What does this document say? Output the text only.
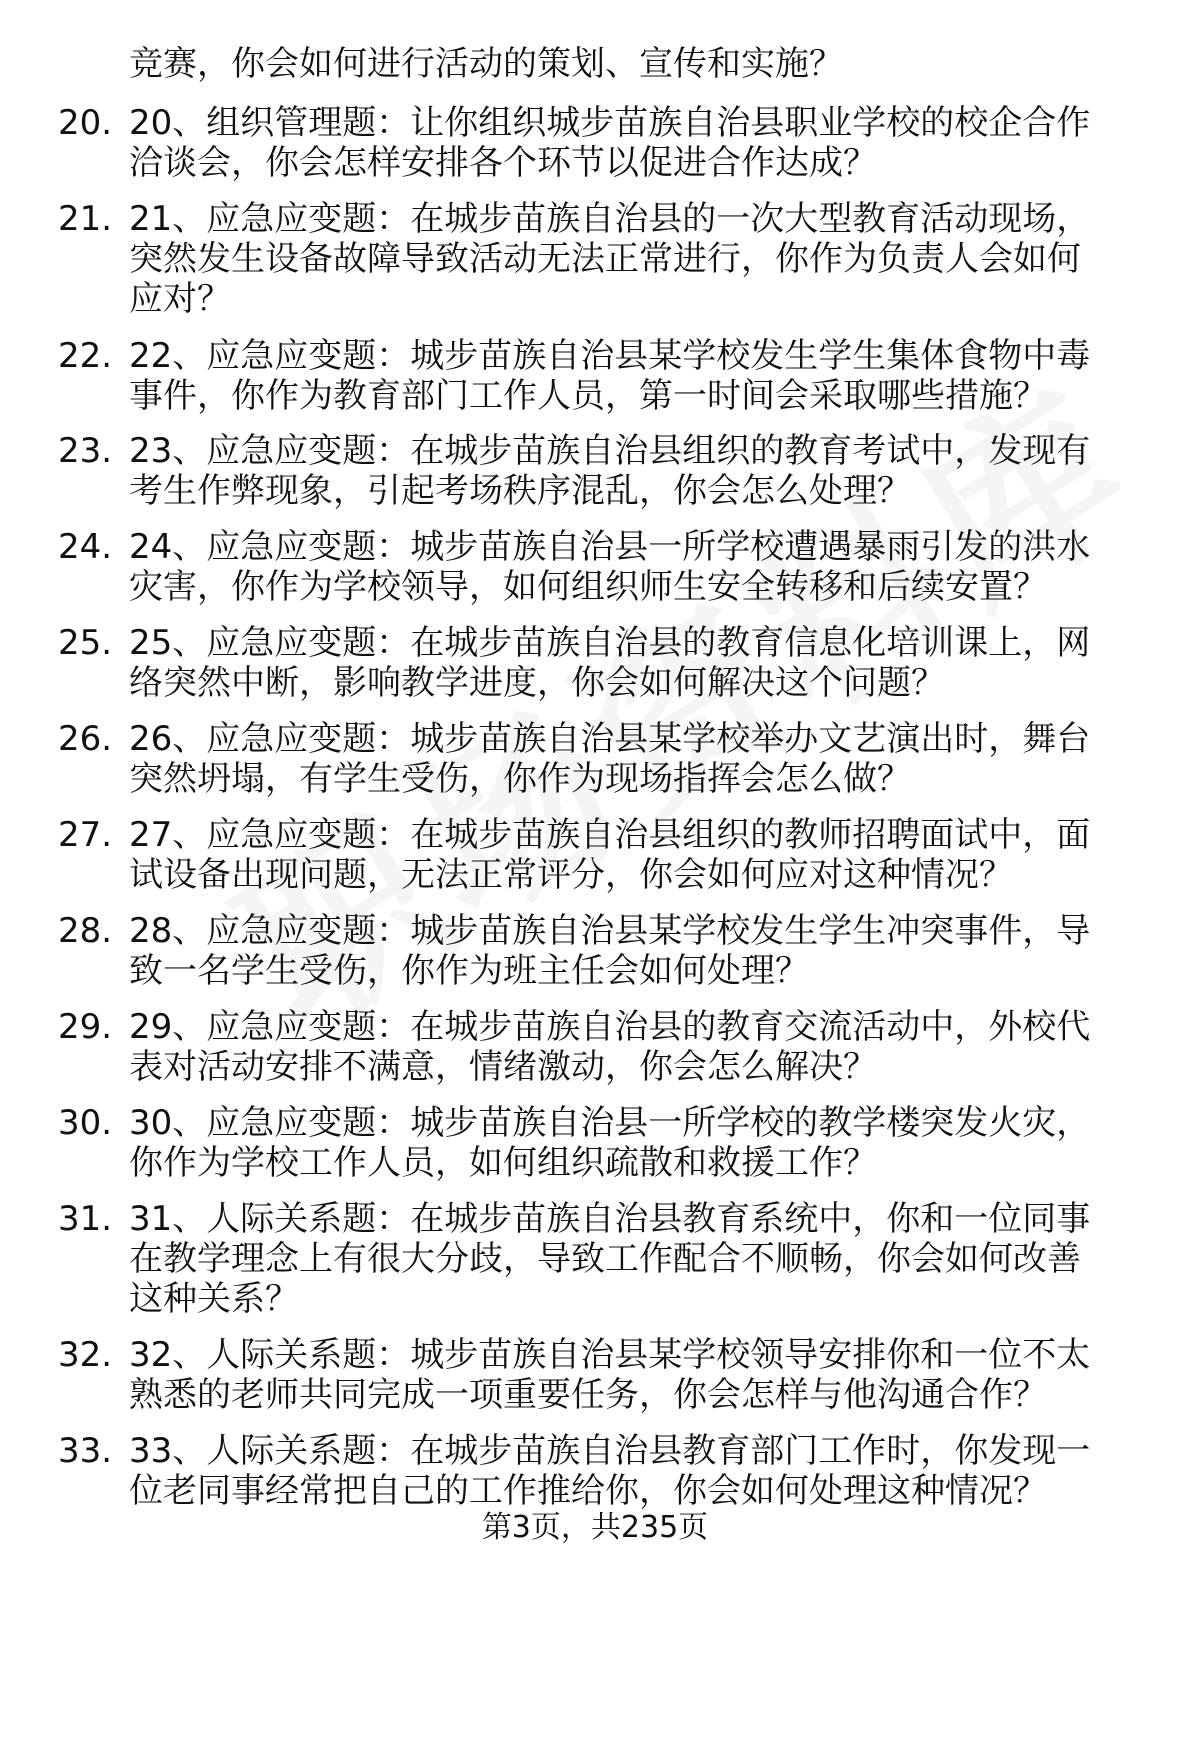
竞赛，你会如何进行活动的策划、宣传和实施？
20. 20、组织管理题：让你组织城步苗族自治县职业学校的校企合作
洽谈会，你会怎样安排各个环节以促进合作达成？
21. 21、应急应变题：在城步苗族自治县的一次大型教育活动现场，
突然发生设备故障导致活动无法正常进行，你作为负责人会如何
应对？
22. 22、应急应变题：城步苗族自治县某学校发生学生集体食物中毒
事件，你作为教育部门工作人员，第一时间会采取哪些措施？
23. 23、应急应变题：在城步苗族自治县组织的教育考试中，发现有
考生作弊现象，引起考场秩序混乱，你会怎么处理？
24. 24、应急应变题：城步苗族自治县一所学校遭遇暴雨引发的洪水
灾害，你作为学校领导，如何组织师生安全转移和后续安置？
25. 25、应急应变题：在城步苗族自治县的教育信息化培训课上，网
络突然中断，影响教学进度，你会如何解决这个问题？
26. 26、应急应变题：城步苗族自治县某学校举办文艺演出时，舞台
突然坍塌，有学生受伤，你作为现场指挥会怎么做？
27. 27、应急应变题：在城步苗族自治县组织的教师招聘面试中，面
试设备出现问题，无法正常评分，你会如何应对这种情况？
28. 28、应急应变题：城步苗族自治县某学校发生学生冲突事件，导
致一名学生受伤，你作为班主任会如何处理？
29. 29、应急应变题：在城步苗族自治县的教育交流活动中，外校代
表对活动安排不满意，情绪激动，你会怎么解决？
30. 30、应急应变题：城步苗族自治县一所学校的教学楼突发火灾，
你作为学校工作人员，如何组织疏散和救援工作？
31. 31、人际关系题：在城步苗族自治县教育系统中，你和一位同事
在教学理念上有很大分歧，导致工作配合不顺畅，你会如何改善
这种关系？
32. 32、人际关系题：城步苗族自治县某学校领导安排你和一位不太
熟悉的老师共同完成一项重要任务，你会怎样与他沟通合作？
33. 33、人际关系题：在城步苗族自治县教育部门工作时，你发现一
位老同事经常把自己的工作推给你，你会如何处理这种情况？
第3页，共235页
